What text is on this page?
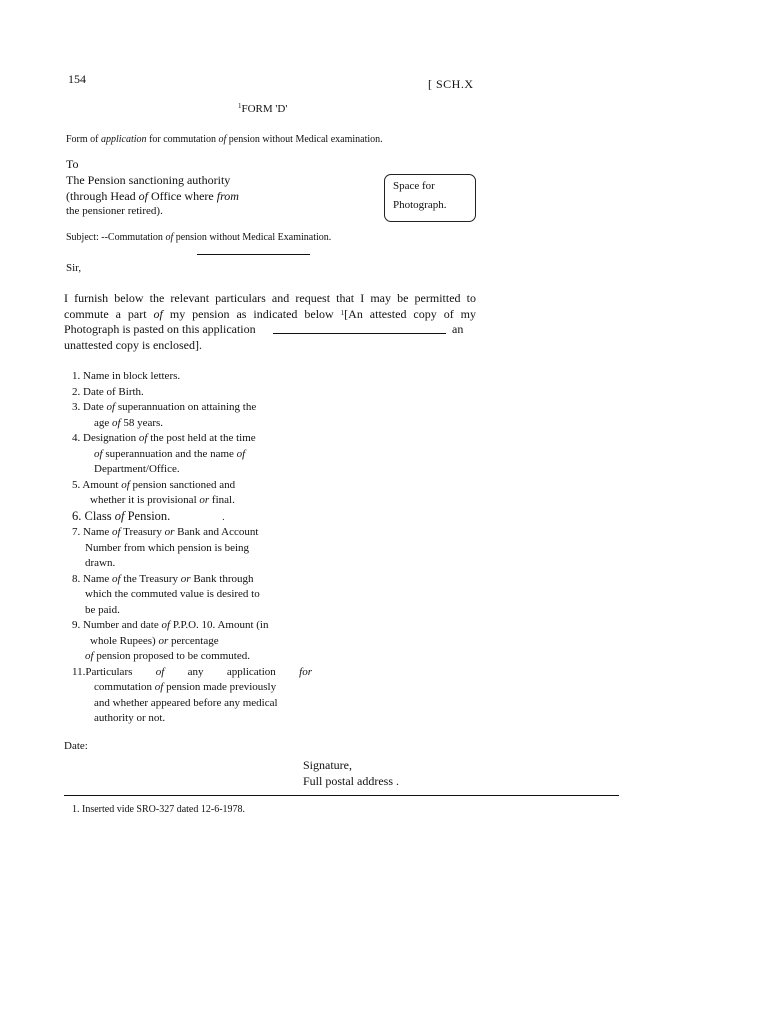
154	[ SCH.X
$^1$FORM 'D'
Form of application for commutation of pension without Medical examination.
To
The Pension sanctioning authority
(through Head of Office where from
the pensioner retired).
Space for
Photograph.
Subject: --Commutation of pension without Medical Examination.
Sir,
I furnish below the relevant particulars and request that I may be permitted to
commute a part of my pension as indicated below $^1$[An attested copy of my
Photograph is pasted on this application	an
unattested copy is enclosed].
1. Name in block letters.
2. Date of Birth.
3. Date of superannuation on attaining the
age of 58 years.
4. Designation of the post held at the time
of superannuation and the name of
Department/Office.
5. Amount of pension sanctioned and
whether it is provisional or final.
6. Class of Pension.	.
7. Name of Treasury or Bank and Account
Number from which pension is being
drawn.
8. Name of the Treasury or Bank through
which the commuted value is desired to
be paid.
9. Number and date of P.P.O. 10. Amount (in
whole Rupees) or percentage
of pension proposed to be commuted.
11.Particulars of any application for
commutation of pension made previously
and whether appeared before any medical
authority or not.
Date:
Signature,
Full postal address .
1. Inserted vide SRO-327 dated 12-6-1978.
